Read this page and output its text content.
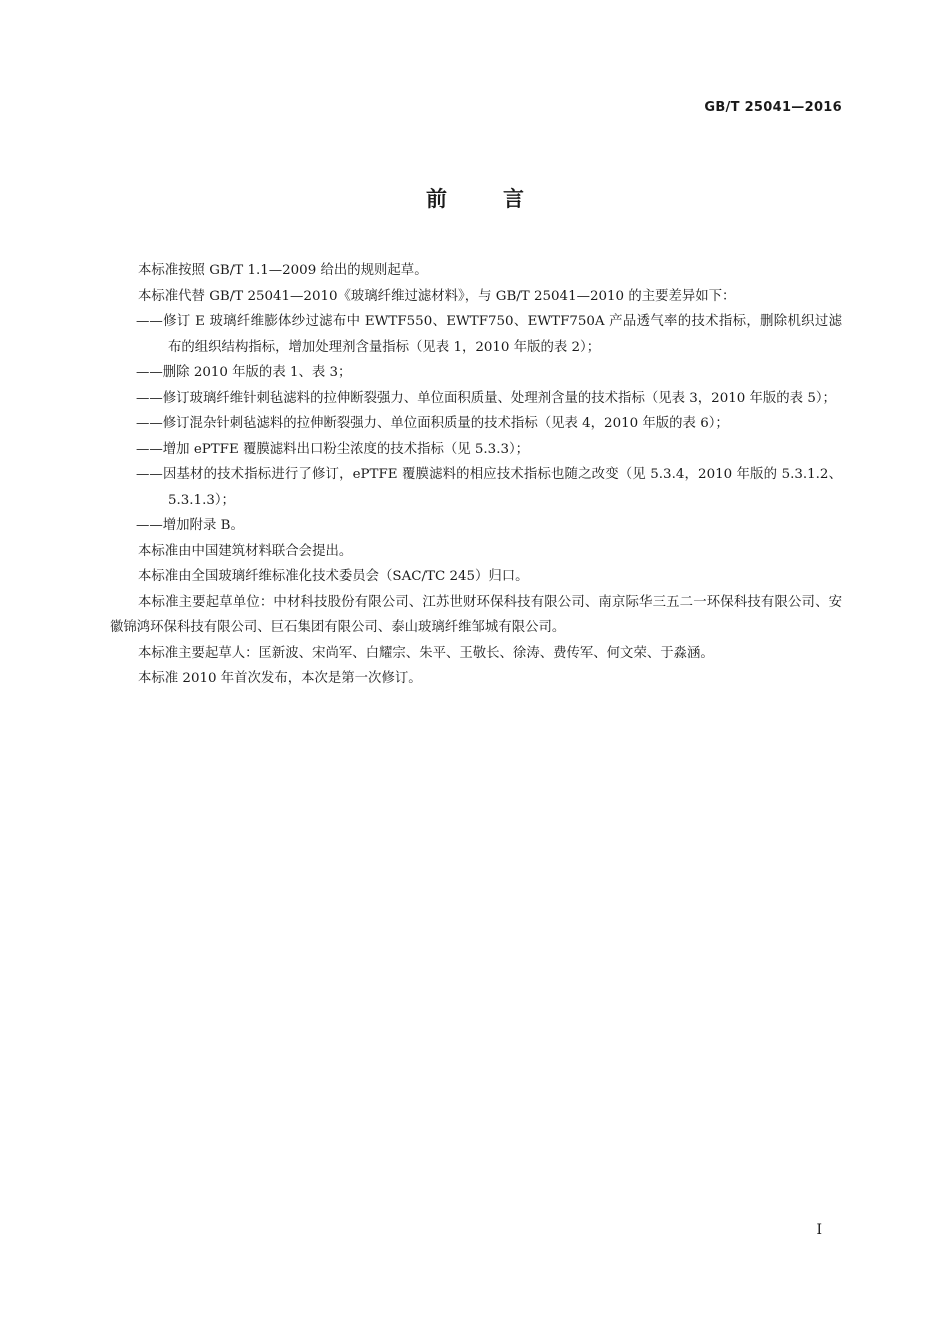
GB/T 25041—2016
前言

本标准按照 GB/T 1.1—2009 给出的规则起草。

本标准代替 GB/T 25041—2010《玻璃纤维过滤材料》，与 GB/T 25041—2010 的主要差异如下：

——修订 E 玻璃纤维膨体纱过滤布中 EWTF550、EWTF750、EWTF750A 产品透气率的技术指标，删除机织过滤布的组织结构指标，增加处理剂含量指标（见表 1，2010 年版的表 2）；

——删除 2010 年版的表 1、表 3；

——修订玻璃纤维针刺毡滤料的拉伸断裂强力、单位面积质量、处理剂含量的技术指标（见表 3，2010 年版的表 5）；

——修订混杂针刺毡滤料的拉伸断裂强力、单位面积质量的技术指标（见表 4，2010 年版的表 6）；

——增加 ePTFE 覆膜滤料出口粉尘浓度的技术指标（见 5.3.3）；

——因基材的技术指标进行了修订，ePTFE 覆膜滤料的相应技术指标也随之改变（见 5.3.4，2010 年版的 5.3.1.2、5.3.1.3）；

——增加附录 B。

本标准由中国建筑材料联合会提出。

本标准由全国玻璃纤维标准化技术委员会（SAC/TC 245）归口。

本标准主要起草单位：中材科技股份有限公司、江苏世财环保科技有限公司、南京际华三五二一环保科技有限公司、安徽锦鸿环保科技有限公司、巨石集团有限公司、泰山玻璃纤维邹城有限公司。

本标准主要起草人：匡新波、宋尚军、白耀宗、朱平、王敬长、徐涛、费传军、何文荣、于淼涵。

本标准 2010 年首次发布，本次是第一次修订。

I
